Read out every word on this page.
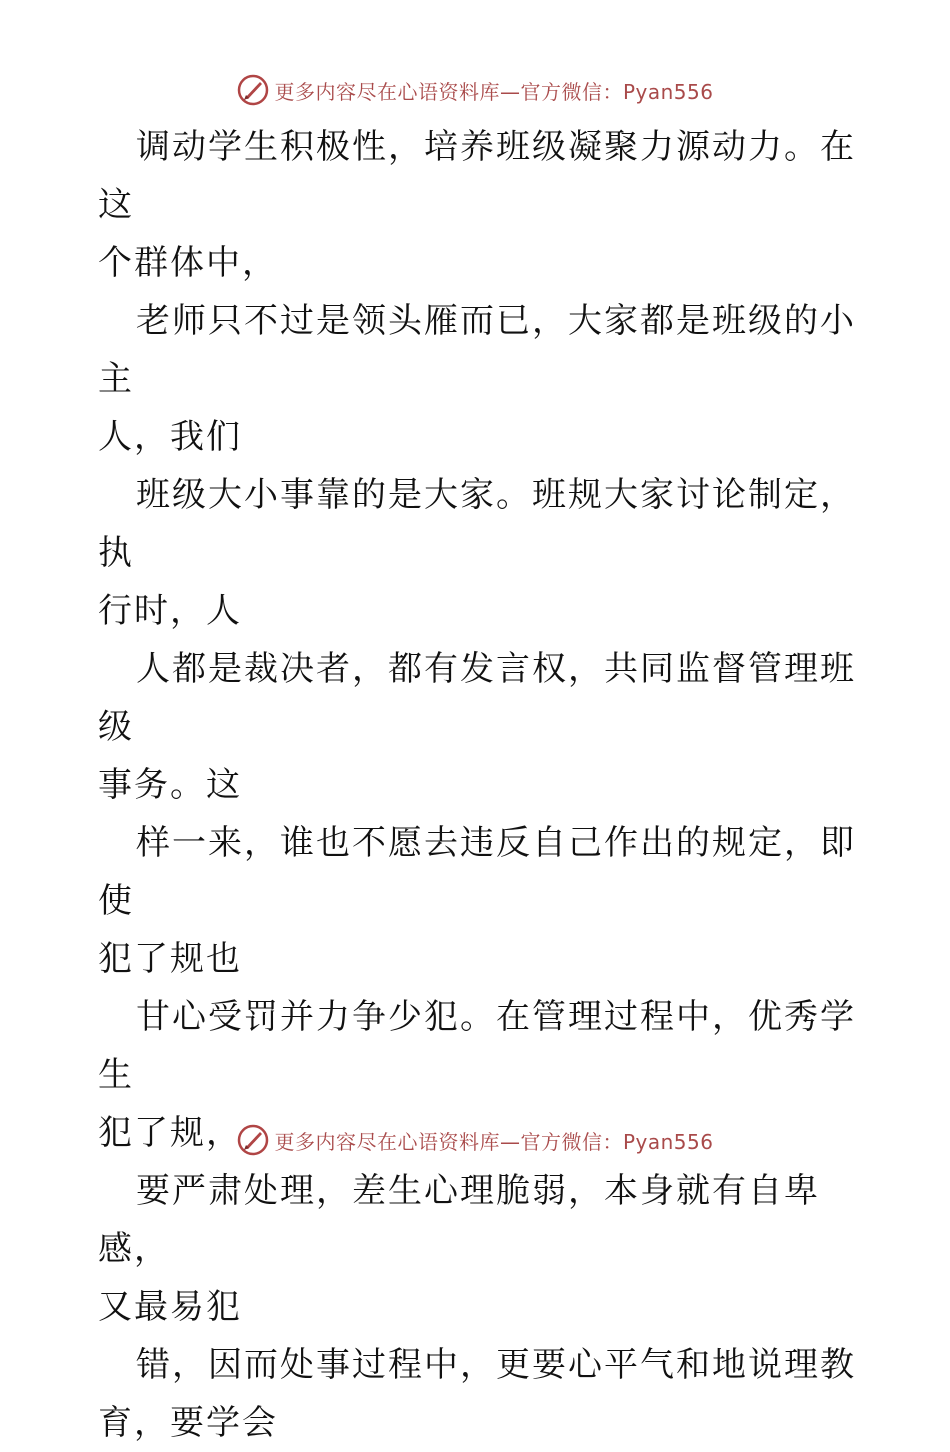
更多内容尽在心语资料库—官方微信：Pyan556

调动学生积极性，培养班级凝聚力源动力。在这
个群体中，

老师只不过是领头雁而已，大家都是班级的小主
人，我们

班级大小事靠的是大家。班规大家讨论制定，执
行时，人

人都是裁决者，都有发言权，共同监督管理班级
事务。这

样一来，谁也不愿去违反自己作出的规定，即使
犯了规也

甘心受罚并力争少犯。在管理过程中，优秀学生
犯了规，

要严肃处理，差生心理脆弱，本身就有自卑感，
又最易犯

错，因而处事过程中，更要心平气和地说理教
育，要学会

更多内容尽在心语资料库—官方微信：Pyan556
